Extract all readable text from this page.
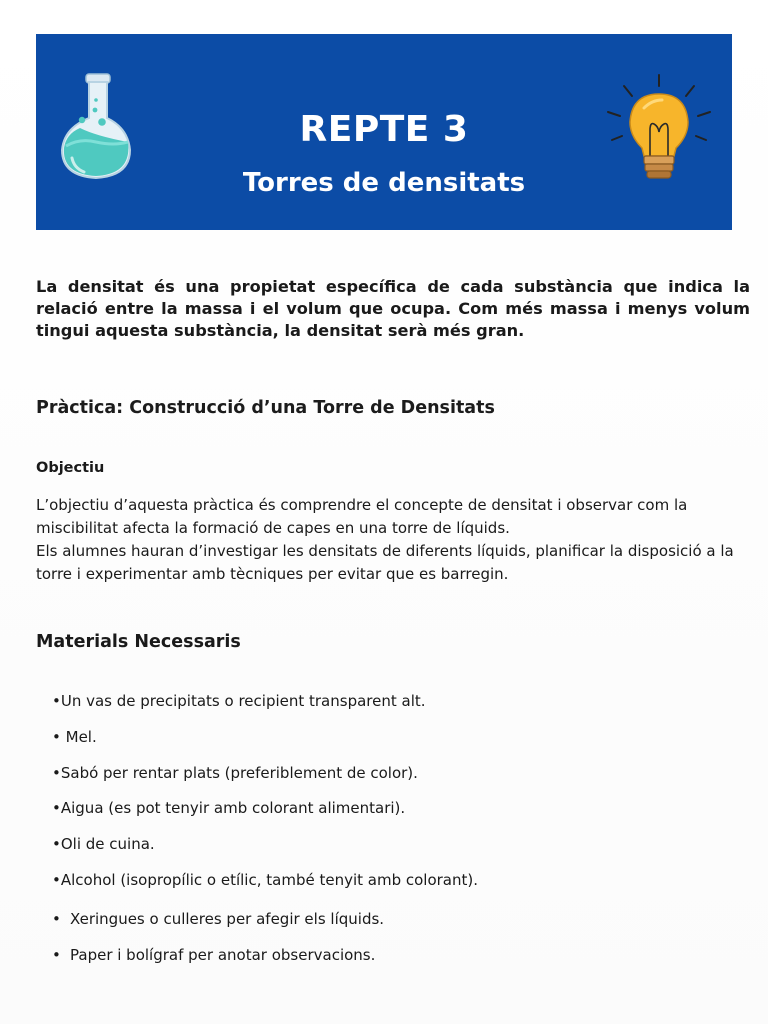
REPTE 3
Torres de densitats
La densitat és una propietat específica de cada substància que indica la relació entre la massa i el volum que ocupa. Com més massa i menys volum tingui aquesta substància, la densitat serà més gran.
Pràctica: Construcció d’una Torre de Densitats
Objectiu

L’objectiu d’aquesta pràctica és comprendre el concepte de densitat i observar com la miscibilitat afecta la formació de capes en una torre de líquids.

Els alumnes hauran d’investigar les densitats de diferents líquids, planificar la disposició a la torre i experimentar amb tècniques per evitar que es barregin.

Materials Necessaris
•Un vas de precipitats o recipient transparent alt.
• Mel.
•Sabó per rentar plats (preferiblement de color).
•Aigua (es pot tenyir amb colorant alimentari).
•Oli de cuina.
•Alcohol (isopropílic o etílic, també tenyit amb colorant).
• Xeringues o culleres per afegir els líquids.
• Paper i bolígraf per anotar observacions.
